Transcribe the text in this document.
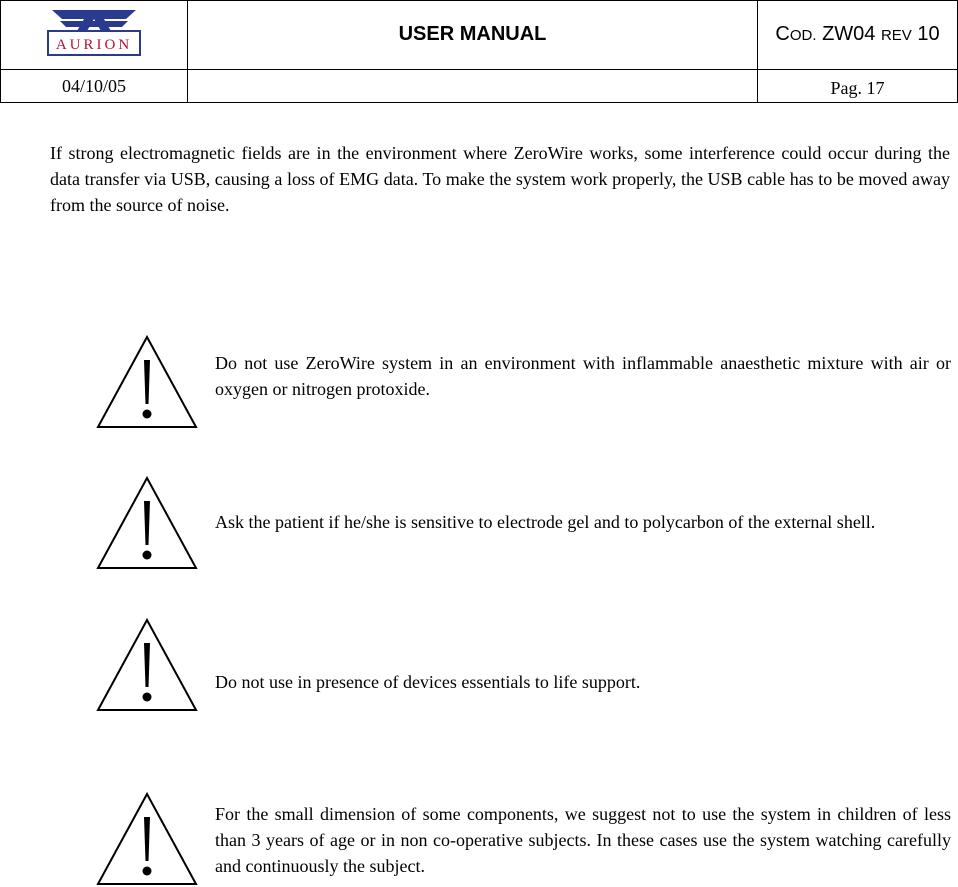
AURION	USER MANUAL	COD. ZW04 REV 10
04/10/05		Pag. 17

If strong electromagnetic fields are in the environment where ZeroWire works, some interference could occur during the data transfer via USB, causing a loss of EMG data. To make the system work properly, the USB cable has to be moved away from the source of noise.

Do not use ZeroWire system in an environment with inflammable anaesthetic mixture with air or oxygen or nitrogen protoxide.

Ask the patient if he/she is sensitive to electrode gel and to polycarbon of the external shell.

Do not use in presence of devices essentials to life support.

For the small dimension of some components, we suggest not to use the system in children of less than 3 years of age or in non co-operative subjects. In these cases use the system watching carefully and continuously the subject.
